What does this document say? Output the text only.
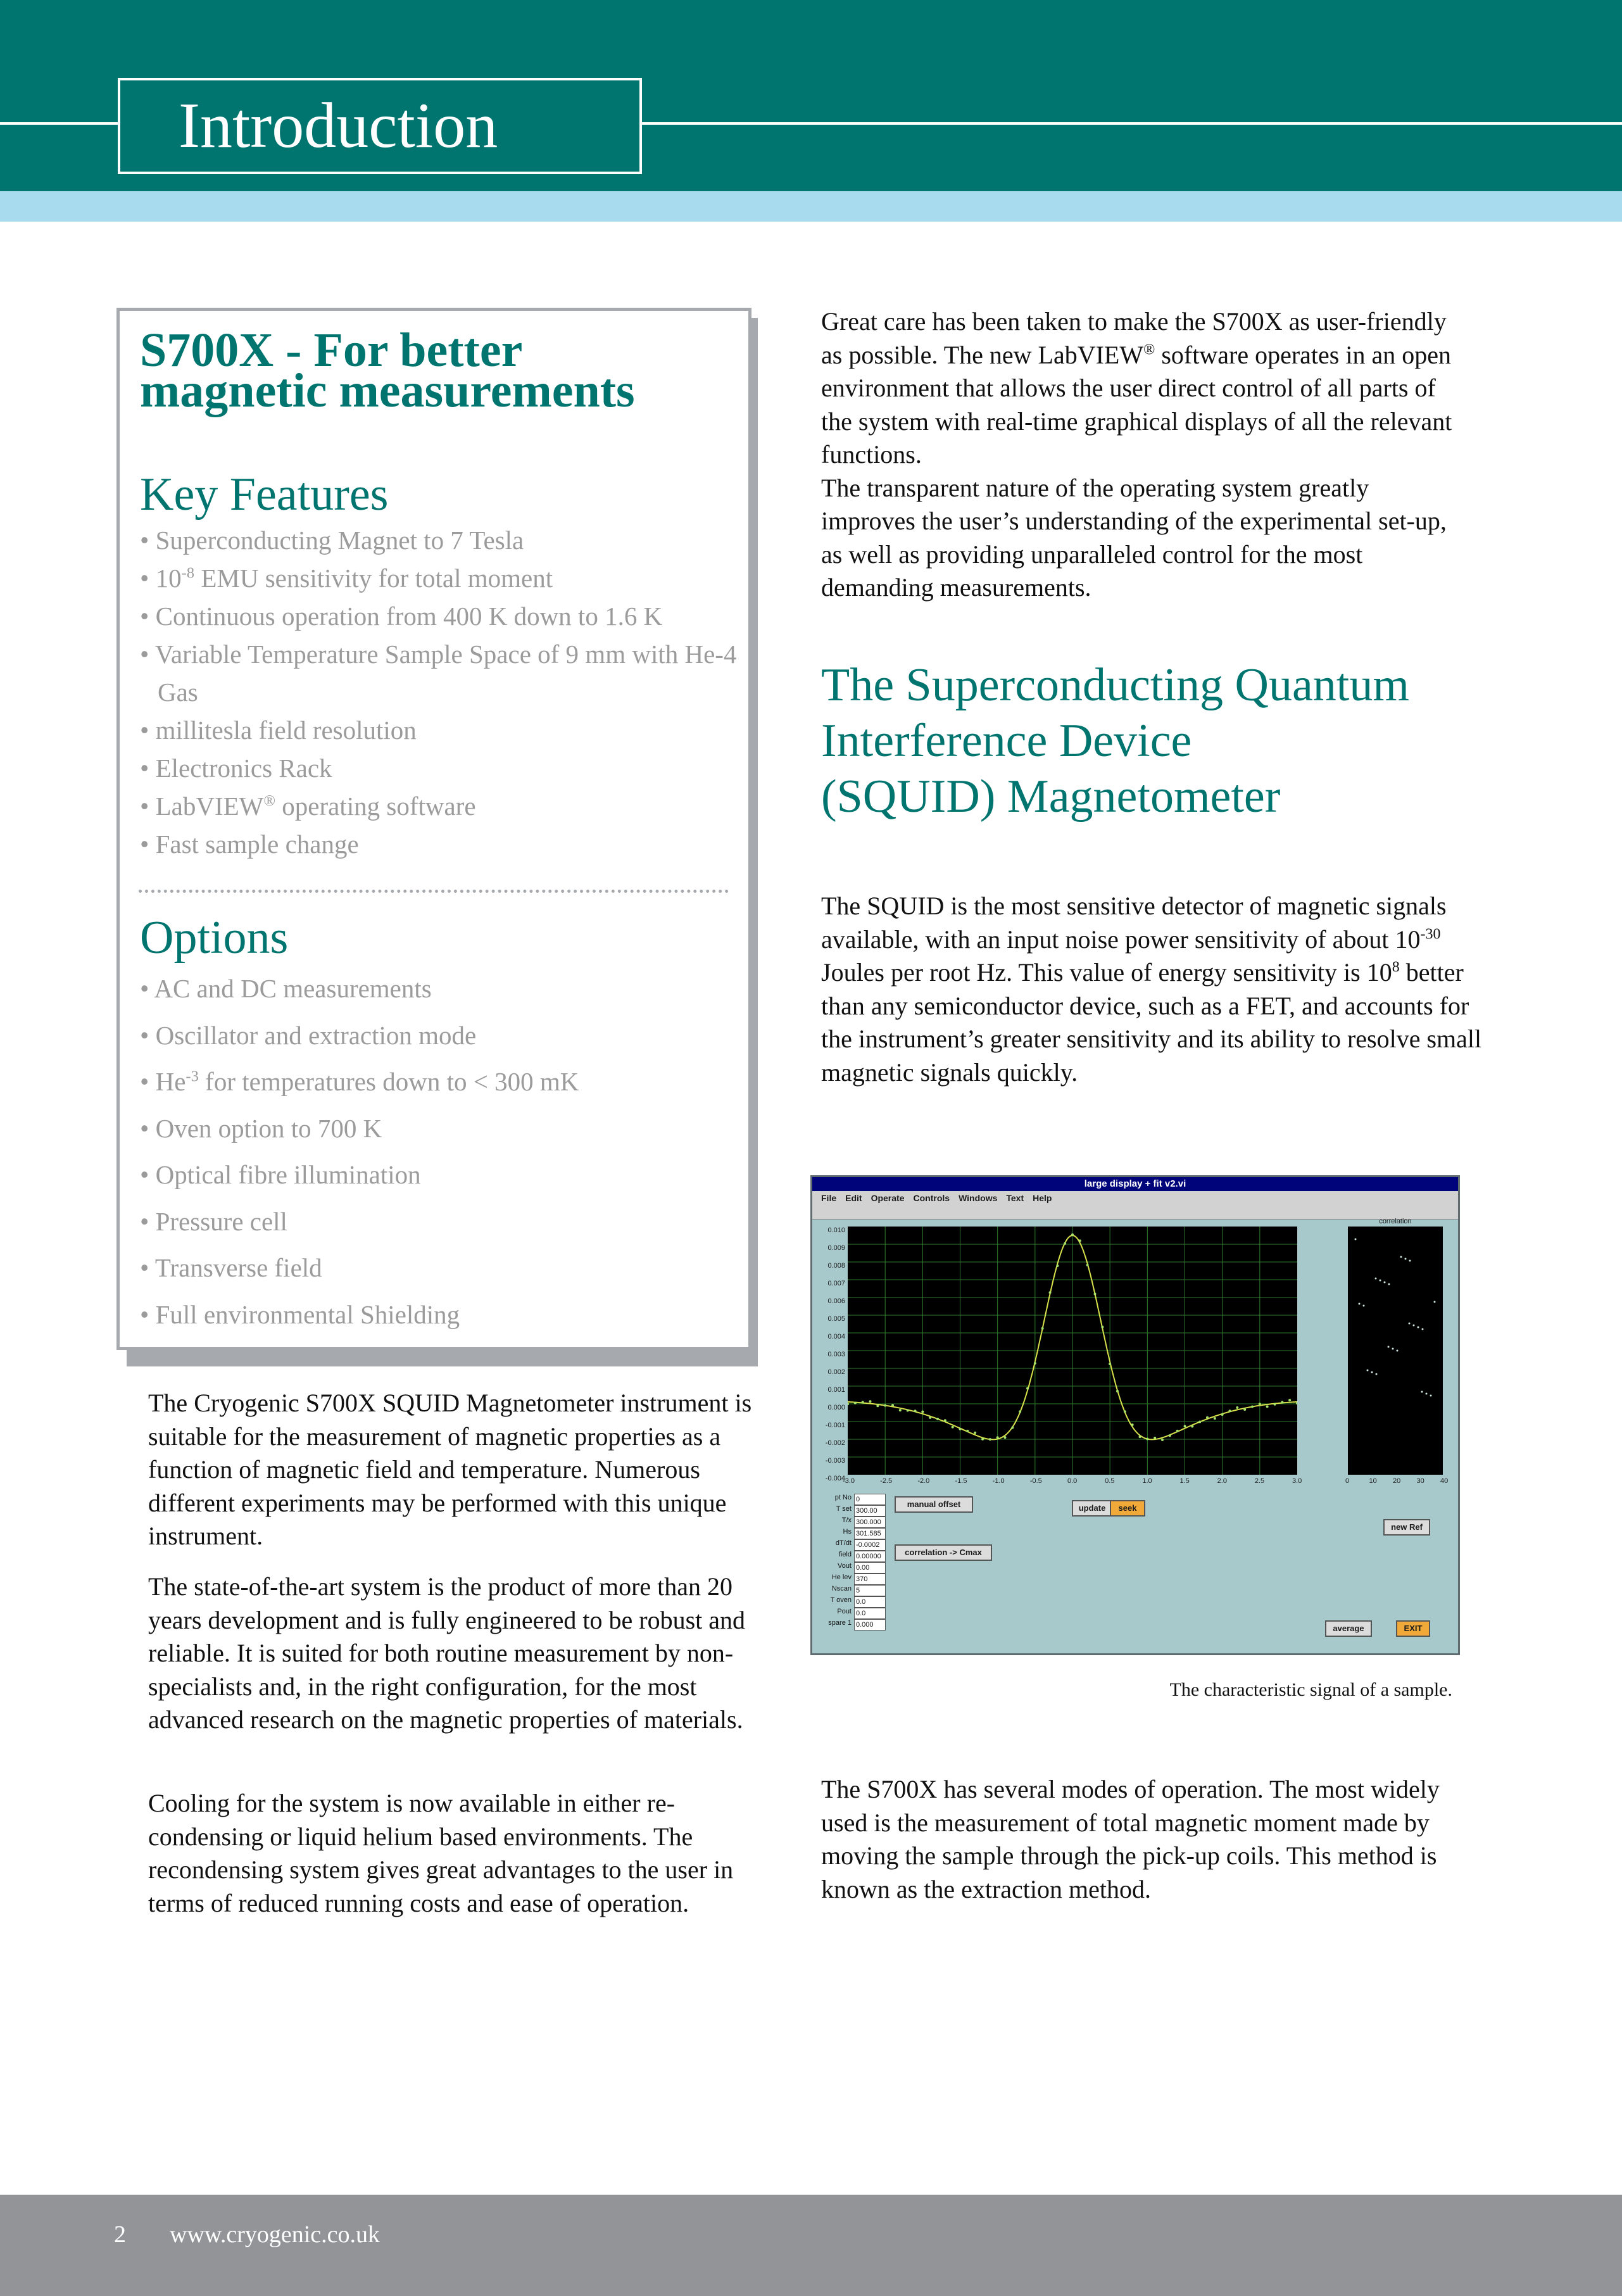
Introduction
S700X - For better
magnetic measurements
Key Features
• Superconducting Magnet to 7 Tesla
• $10^{-8}$ EMU sensitivity for total moment
• Continuous operation from 400 K down to 1.6 K
• Variable Temperature Sample Space of 9 mm with He-4 Gas
• millitesla field resolution
• Electronics Rack
• LabVIEW® operating software
• Fast sample change
Options
• AC and DC measurements
• Oscillator and extraction mode
• $He^{-3}$ for temperatures down to < 300 mK
• Oven option to 700 K
• Optical fibre illumination
• Pressure cell
• Transverse field
• Full environmental Shielding

The Cryogenic S700X SQUID Magnetometer instrument is suitable for the measurement of magnetic properties as a function of magnetic field and temperature. Numerous different experiments may be performed with this unique instrument.

The state-of-the-art system is the product of more than 20 years development and is fully engineered to be robust and reliable. It is suited for both routine measurement by non-specialists and, in the right configuration, for the most advanced research on the magnetic properties of materials.

Cooling for the system is now available in either re-condensing or liquid helium based environments. The recondensing system gives great advantages to the user in terms of reduced running costs and ease of operation.

Great care has been taken to make the S700X as user-friendly as possible. The new LabVIEW® software operates in an open environment that allows the user direct control of all parts of the system with real-time graphical displays of all the relevant functions.

The transparent nature of the operating system greatly improves the user’s understanding of the experimental set-up, as well as providing unparalleled control for the most demanding measurements.

The Superconducting Quantum
Interference Device
(SQUID) Magnetometer

The SQUID is the most sensitive detector of magnetic signals available, with an input noise power sensitivity of about $10^{-30}$ Joules per root Hz. This value of energy sensitivity is $10^8$ better than any semiconductor device, such as a FET, and accounts for the instrument’s greater sensitivity and its ability to resolve small magnetic signals quickly.

large display + fit v2.vi
File Edit Operate Controls Windows Text Help
0.010
0.009
0.008
0.007
0.006
0.005
0.004
0.003
0.002
0.001
0.000
-0.001
-0.002
-0.003
-0.004
-3.0	-2.5	-2.0	-1.5	-1.0	-0.5	0.0	0.5	1.0	1.5	2.0	2.5	3.0
correlation
0	10 20 30 40
pt No 0
T set 300.00
T/x 300.000
Hs 301.585
dT/dt -0.0002
field 0.00000
Vout 0.00
He lev 370
Nscan 5
T oven 0.0
Pout 0.0
spare 1 0.000
manual offset	update	seek
correlation -> Cmax
average	EXIT
new Ref
The characteristic signal of a sample.

The S700X has several modes of operation. The most widely used is the measurement of total magnetic moment made by moving the sample through the pick-up coils. This method is known as the extraction method.

2 www.cryogenic.co.uk
